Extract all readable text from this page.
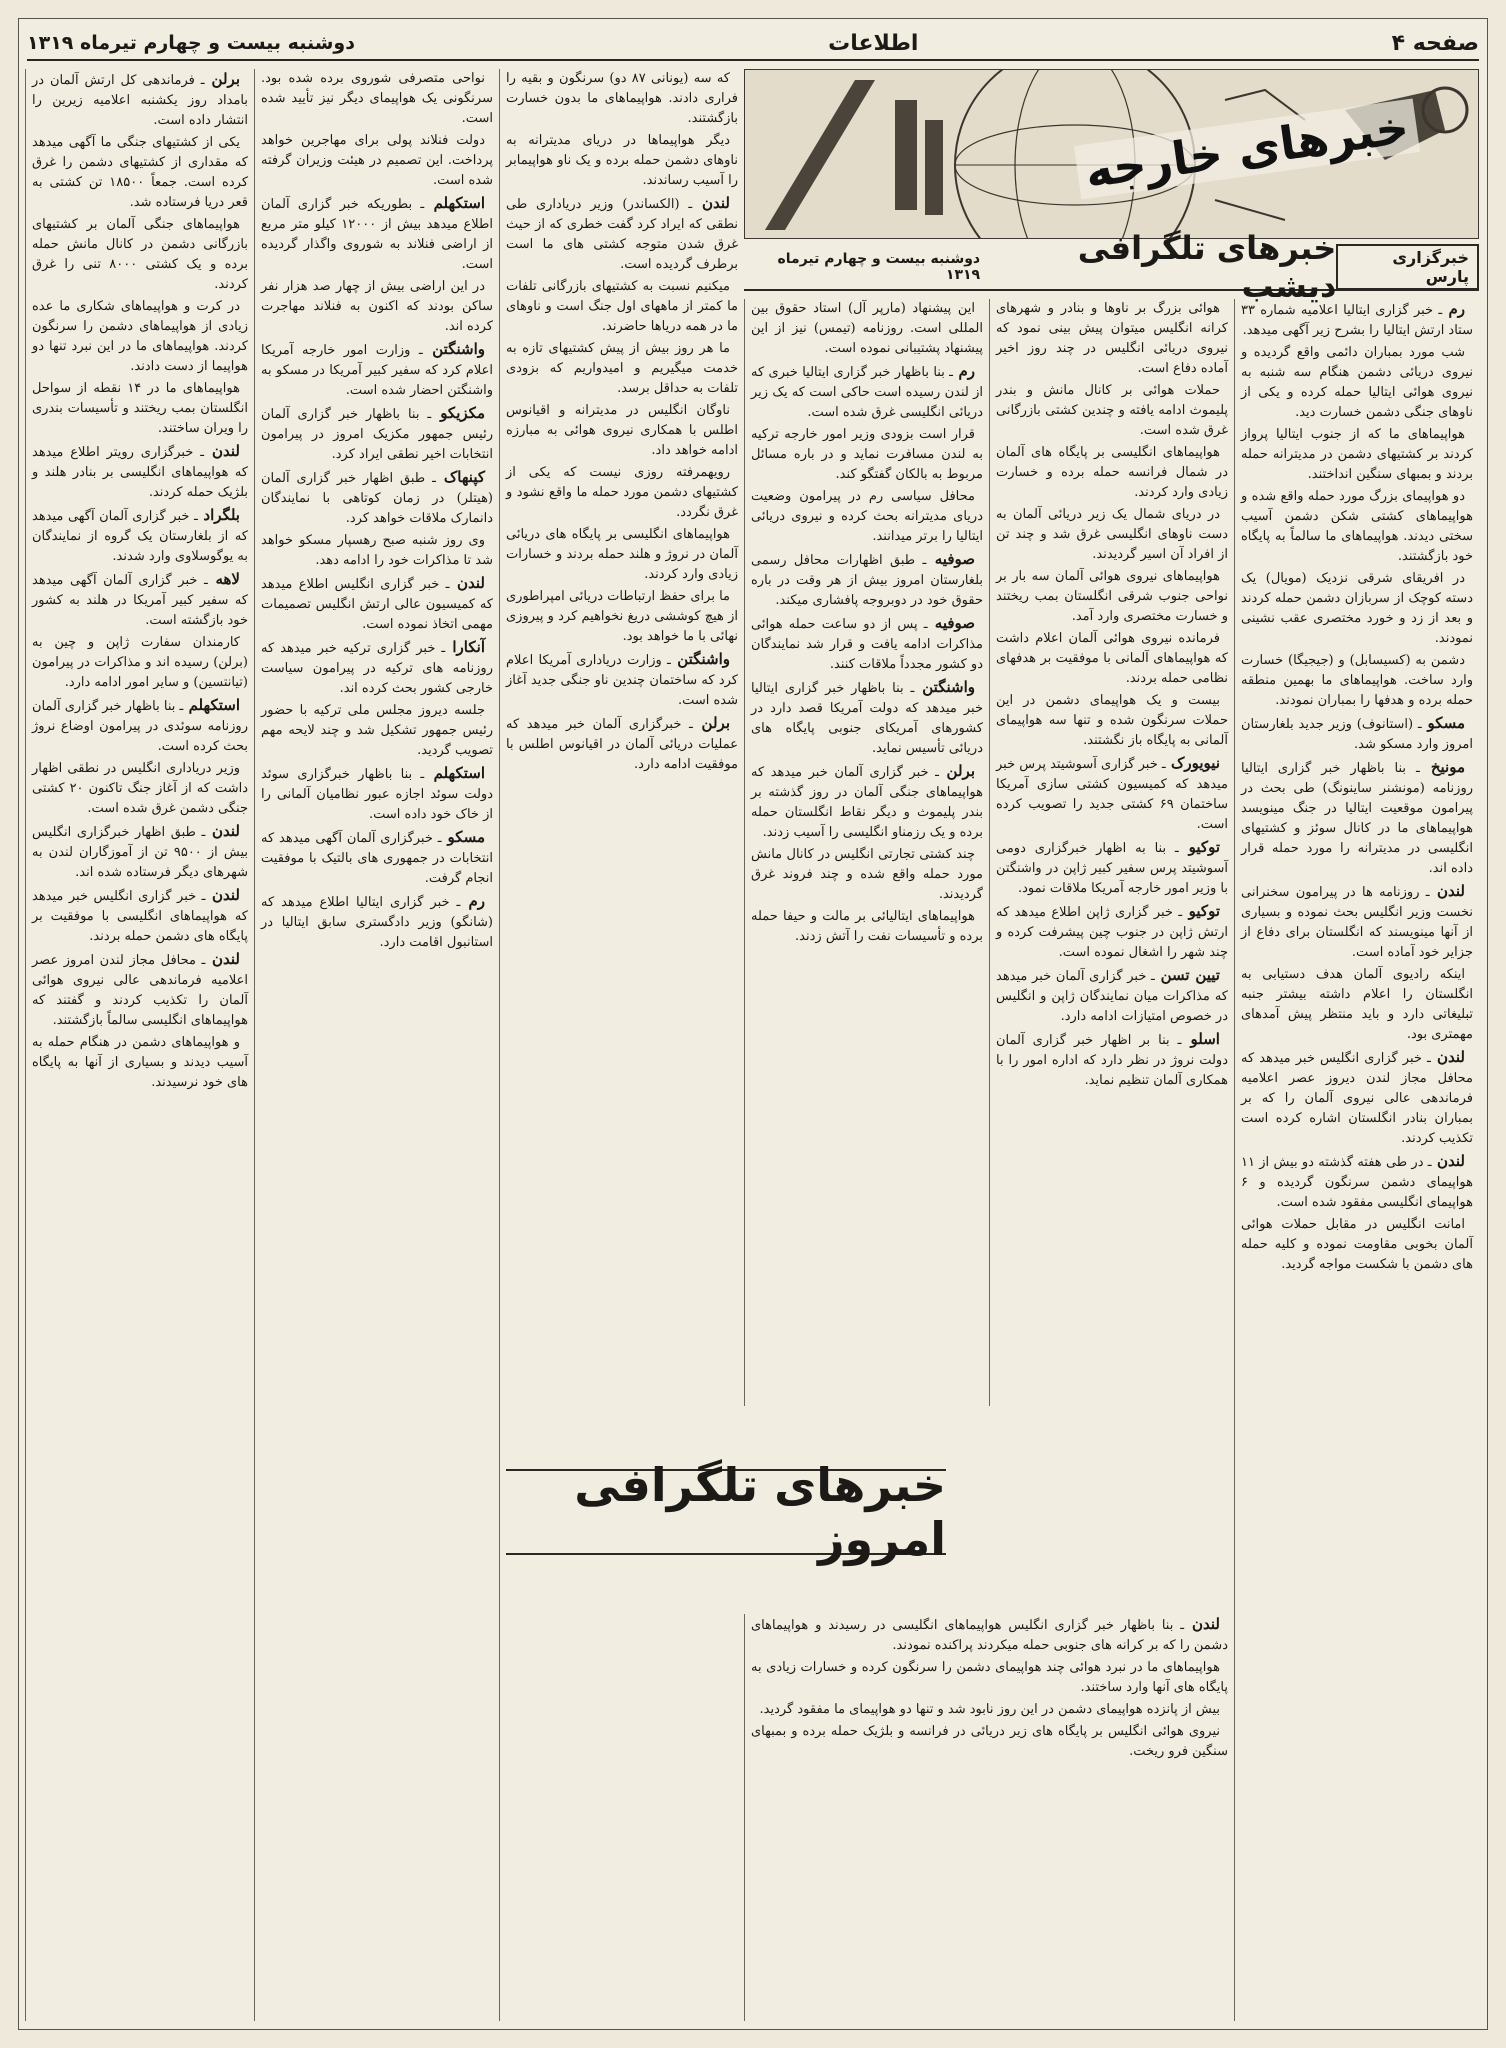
صفحه ۴
اطلاعات
دوشنبه بیست و چهارم تیرماه ۱۳۱۹
خبرهای خارجه
خبرگزاری پارس
خبرهای تلگرافی دیشب
دوشنبه بیست و چهارم تیرماه ۱۳۱۹

رم ـ خبر گزاری ایتالیا اعلامیه شماره ۳۳ ستاد ارتش ایتالیا را بشرح زیر آگهی میدهد.

شب مورد بمباران دائمی واقع گردیده و نیروی دریائی دشمن هنگام سه شنبه به نیروی هوائی ایتالیا حمله کرده و یکی از ناوهای جنگی دشمن خسارت دید.

هواپیماهای ما که از جنوب ایتالیا پرواز کردند بر کشتیهای دشمن در مدیترانه حمله بردند و بمبهای سنگین انداختند.

دو هواپیمای بزرگ مورد حمله واقع شده و هواپیماهای کشتی شکن دشمن آسیب سختی دیدند. هواپیماهای ما سالماً به پایگاه خود بازگشتند.

در افریقای شرقی نزدیک (مویال) یک دسته کوچک از سربازان دشمن حمله کردند و بعد از زد و خورد مختصری عقب نشینی نمودند.

دشمن به (کسیسابل) و (جیجیگا) خسارت وارد ساخت. هواپیماهای ما بهمین منطقه حمله برده و هدفها را بمباران نمودند.

مسکو ـ (استانوف) وزیر جدید بلغارستان امروز وارد مسکو شد.

مونیخ ـ بنا باظهار خبر گزاری ایتالیا روزنامه (مونشنر ساینونگ) طی بحث در پیرامون موقعیت ایتالیا در جنگ مینویسد هواپیماهای ما در کانال سوئز و کشتیهای انگلیسی در مدیترانه را مورد حمله قرار داده اند.

لندن ـ روزنامه ها در پیرامون سخنرانی نخست وزیر انگلیس بحث نموده و بسیاری از آنها مینویسند که انگلستان برای دفاع از جزایر خود آماده است.

اینکه رادیوی آلمان هدف دستیابی به انگلستان را اعلام داشته بیشتر جنبه تبلیغاتی دارد و باید منتظر پیش آمدهای مهمتری بود.

لندن ـ خبر گزاری انگلیس خبر میدهد که محافل مجاز لندن دیروز عصر اعلامیه فرماندهی عالی نیروی آلمان را که بر بمباران بنادر انگلستان اشاره کرده است تکذیب کردند.

لندن ـ در طی هفته گذشته دو بیش از ۱۱ هواپیمای دشمن سرنگون گردیده و ۶ هواپیمای انگلیسی مفقود شده است.

امانت انگلیس در مقابل حملات هوائی آلمان بخوبی مقاومت نموده و کلیه حمله های دشمن با شکست مواجه گردید.

هوائی بزرگ بر ناوها و بنادر و شهرهای کرانه انگلیس میتوان پیش بینی نمود که نیروی دریائی انگلیس در چند روز اخیر آماده دفاع است.

حملات هوائی بر کانال مانش و بندر پلیموث ادامه یافته و چندین کشتی بازرگانی غرق شده است.

هواپیماهای انگلیسی بر پایگاه های آلمان در شمال فرانسه حمله برده و خسارت زیادی وارد کردند.

در دریای شمال یک زیر دریائی آلمان به دست ناوهای انگلیسی غرق شد و چند تن از افراد آن اسیر گردیدند.

هواپیماهای نیروی هوائی آلمان سه بار بر نواحی جنوب شرقی انگلستان بمب ریختند و خسارت مختصری وارد آمد.

فرمانده نیروی هوائی آلمان اعلام داشت که هواپیماهای آلمانی با موفقیت بر هدفهای نظامی حمله بردند.

بیست و یک هواپیمای دشمن در این حملات سرنگون شده و تنها سه هواپیمای آلمانی به پایگاه باز نگشتند.

نیویورک ـ خبر گزاری آسوشیتد پرس خبر میدهد که کمیسیون کشتی سازی آمریکا ساختمان ۶۹ کشتی جدید را تصویب کرده است.

توکیو ـ بنا به اظهار خبرگزاری دومی آسوشیتد پرس سفیر کبیر ژاپن در واشنگتن با وزیر امور خارجه آمریکا ملاقات نمود.

توکیو ـ خبر گزاری ژاپن اطلاع میدهد که ارتش ژاپن در جنوب چین پیشرفت کرده و چند شهر را اشغال نموده است.

تیین تسن ـ خبر گزاری آلمان خبر میدهد که مذاکرات میان نمایندگان ژاپن و انگلیس در خصوص امتیازات ادامه دارد.

اسلو ـ بنا بر اظهار خبر گزاری آلمان دولت نروژ در نظر دارد که اداره امور را با همکاری آلمان تنظیم نماید.

این پیشنهاد (مارپر آل) استاد حقوق بین المللی است. روزنامه (تیمس) نیز از این پیشنهاد پشتیبانی نموده است.

رم ـ بنا باظهار خبر گزاری ایتالیا خبری که از لندن رسیده است حاکی است که یک زیر دریائی انگلیسی غرق شده است.

قرار است بزودی وزیر امور خارجه ترکیه به لندن مسافرت نماید و در باره مسائل مربوط به بالکان گفتگو کند.

محافل سیاسی رم در پیرامون وضعیت دریای مدیترانه بحث کرده و نیروی دریائی ایتالیا را برتر میدانند.

صوفیه ـ طبق اظهارات محافل رسمی بلغارستان امروز بیش از هر وقت در باره حقوق خود در دوبروجه پافشاری میکند.

صوفیه ـ پس از دو ساعت حمله هوائی مذاکرات ادامه یافت و قرار شد نمایندگان دو کشور مجدداً ملاقات کنند.

واشنگتن ـ بنا باظهار خبر گزاری ایتالیا خبر میدهد که دولت آمریکا قصد دارد در کشورهای آمریکای جنوبی پایگاه های دریائی تأسیس نماید.

برلن ـ خبر گزاری آلمان خبر میدهد که هواپیماهای جنگی آلمان در روز گذشته بر بندر پلیموث و دیگر نقاط انگلستان حمله برده و یک رزمناو انگلیسی را آسیب زدند.

چند کشتی تجارتی انگلیس در کانال مانش مورد حمله واقع شده و چند فروند غرق گردیدند.

هواپیماهای ایتالیائی بر مالت و حیفا حمله برده و تأسیسات نفت را آتش زدند.

که سه (یونانی ۸۷ دو) سرنگون و بقیه را فراری دادند. هواپیماهای ما بدون خسارت بازگشتند.

دیگر هواپیماها در دریای مدیترانه به ناوهای دشمن حمله برده و یک ناو هواپیمابر را آسیب رساندند.

لندن ـ (الکساندر) وزیر دریاداری طی نطقی که ایراد کرد گفت خطری که از حیث غرق شدن متوجه کشتی های ما است برطرف گردیده است.

میکنیم نسبت به کشتیهای بازرگانی تلفات ما کمتر از ماههای اول جنگ است و ناوهای ما در همه دریاها حاضرند.

ما هر روز بیش از پیش کشتیهای تازه به خدمت میگیریم و امیدواریم که بزودی تلفات به حداقل برسد.

ناوگان انگلیس در مدیترانه و اقیانوس اطلس با همکاری نیروی هوائی به مبارزه ادامه خواهد داد.

رویهمرفته روزی نیست که یکی از کشتیهای دشمن مورد حمله ما واقع نشود و غرق نگردد.

هواپیماهای انگلیسی بر پایگاه های دریائی آلمان در نروژ و هلند حمله بردند و خسارات زیادی وارد کردند.

ما برای حفظ ارتباطات دریائی امپراطوری از هیچ کوششی دریغ نخواهیم کرد و پیروزی نهائی با ما خواهد بود.

واشنگتن ـ وزارت دریاداری آمریکا اعلام کرد که ساختمان چندین ناو جنگی جدید آغاز شده است.

برلن ـ خبرگزاری آلمان خبر میدهد که عملیات دریائی آلمان در اقیانوس اطلس با موفقیت ادامه دارد.

نواحی متصرفی شوروی برده شده بود. سرنگونی یک هواپیمای دیگر نیز تأیید شده است.

دولت فنلاند پولی برای مهاجرین خواهد پرداخت. این تصمیم در هیئت وزیران گرفته شده است.

استکهلم ـ بطوریکه خبر گزاری آلمان اطلاع میدهد بیش از ۱۲۰۰۰ کیلو متر مربع از اراضی فنلاند به شوروی واگذار گردیده است.

در این اراضی بیش از چهار صد هزار نفر ساکن بودند که اکنون به فنلاند مهاجرت کرده اند.

واشنگتن ـ وزارت امور خارجه آمریکا اعلام کرد که سفیر کبیر آمریکا در مسکو به واشنگتن احضار شده است.

مکزیکو ـ بنا باظهار خبر گزاری آلمان رئیس جمهور مکزیک امروز در پیرامون انتخابات اخیر نطقی ایراد کرد.

کپنهاک ـ طبق اظهار خبر گزاری آلمان (هیتلر) در زمان کوتاهی با نمایندگان دانمارک ملاقات خواهد کرد.

وی روز شنبه صبح رهسپار مسکو خواهد شد تا مذاکرات خود را ادامه دهد.

لندن ـ خبر گزاری انگلیس اطلاع میدهد که کمیسیون عالی ارتش انگلیس تصمیمات مهمی اتخاذ نموده است.

آنکارا ـ خبر گزاری ترکیه خبر میدهد که روزنامه های ترکیه در پیرامون سیاست خارجی کشور بحث کرده اند.

جلسه دیروز مجلس ملی ترکیه با حضور رئیس جمهور تشکیل شد و چند لایحه مهم تصویب گردید.

استکهلم ـ بنا باظهار خبرگزاری سوئد دولت سوئد اجازه عبور نظامیان آلمانی را از خاک خود داده است.

مسکو ـ خبرگزاری آلمان آگهی میدهد که انتخابات در جمهوری های بالتیک با موفقیت انجام گرفت.

رم ـ خبر گزاری ایتالیا اطلاع میدهد که (شانگو) وزیر دادگستری سابق ایتالیا در استانبول اقامت دارد.

برلن ـ فرماندهی کل ارتش آلمان در بامداد روز یکشنبه اعلامیه زیرین را انتشار داده است.

یکی از کشتیهای جنگی ما آگهی میدهد که مقداری از کشتیهای دشمن را غرق کرده است. جمعاً ۱۸۵۰۰ تن کشتی به قعر دریا فرستاده شد.

هواپیماهای جنگی آلمان بر کشتیهای بازرگانی دشمن در کانال مانش حمله برده و یک کشتی ۸۰۰۰ تنی را غرق کردند.

در کرت و هواپیماهای شکاری ما عده زیادی از هواپیماهای دشمن را سرنگون کردند. هواپیماهای ما در این نبرد تنها دو هواپیما از دست دادند.

هواپیماهای ما در ۱۴ نقطه از سواحل انگلستان بمب ریختند و تأسیسات بندری را ویران ساختند.

لندن ـ خبرگزاری رویتر اطلاع میدهد که هواپیماهای انگلیسی بر بنادر هلند و بلژیک حمله کردند.

بلگراد ـ خبر گزاری آلمان آگهی میدهد که از بلغارستان یک گروه از نمایندگان به یوگوسلاوی وارد شدند.

لاهه ـ خبر گزاری آلمان آگهی میدهد که سفیر کبیر آمریکا در هلند به کشور خود بازگشته است.

کارمندان سفارت ژاپن و چین به (برلن) رسیده اند و مذاکرات در پیرامون (تیانتسین) و سایر امور ادامه دارد.

استکهلم ـ بنا باظهار خبر گزاری آلمان روزنامه سوئدی در پیرامون اوضاع نروژ بحث کرده است.

وزیر دریاداری انگلیس در نطقی اظهار داشت که از آغاز جنگ تاکنون ۲۰ کشتی جنگی دشمن غرق شده است.

لندن ـ طبق اظهار خبرگزاری انگلیس بیش از ۹۵۰۰ تن از آموزگاران لندن به شهرهای دیگر فرستاده شده اند.

لندن ـ خبر گزاری انگلیس خبر میدهد که هواپیماهای انگلیسی با موفقیت بر پایگاه های دشمن حمله بردند.

لندن ـ محافل مجاز لندن امروز عصر اعلامیه فرماندهی عالی نیروی هوائی آلمان را تکذیب کردند و گفتند که هواپیماهای انگلیسی سالماً بازگشتند.

و هواپیماهای دشمن در هنگام حمله به آسیب دیدند و بسیاری از آنها به پایگاه های خود نرسیدند.

لندن ـ بنا باظهار خبر گزاری انگلیس هواپیماهای انگلیسی در رسیدند و هواپیماهای دشمن را که بر کرانه های جنوبی حمله میکردند پراکنده نمودند.

هواپیماهای ما در نبرد هوائی چند هواپیمای دشمن را سرنگون کرده و خسارات زیادی به پایگاه های آنها وارد ساختند.

بیش از پانزده هواپیمای دشمن در این روز نابود شد و تنها دو هواپیمای ما مفقود گردید.

نیروی هوائی انگلیس بر پایگاه های زیر دریائی در فرانسه و بلژیک حمله برده و بمبهای سنگین فرو ریخت.

خبرهای تلگرافی امروز
